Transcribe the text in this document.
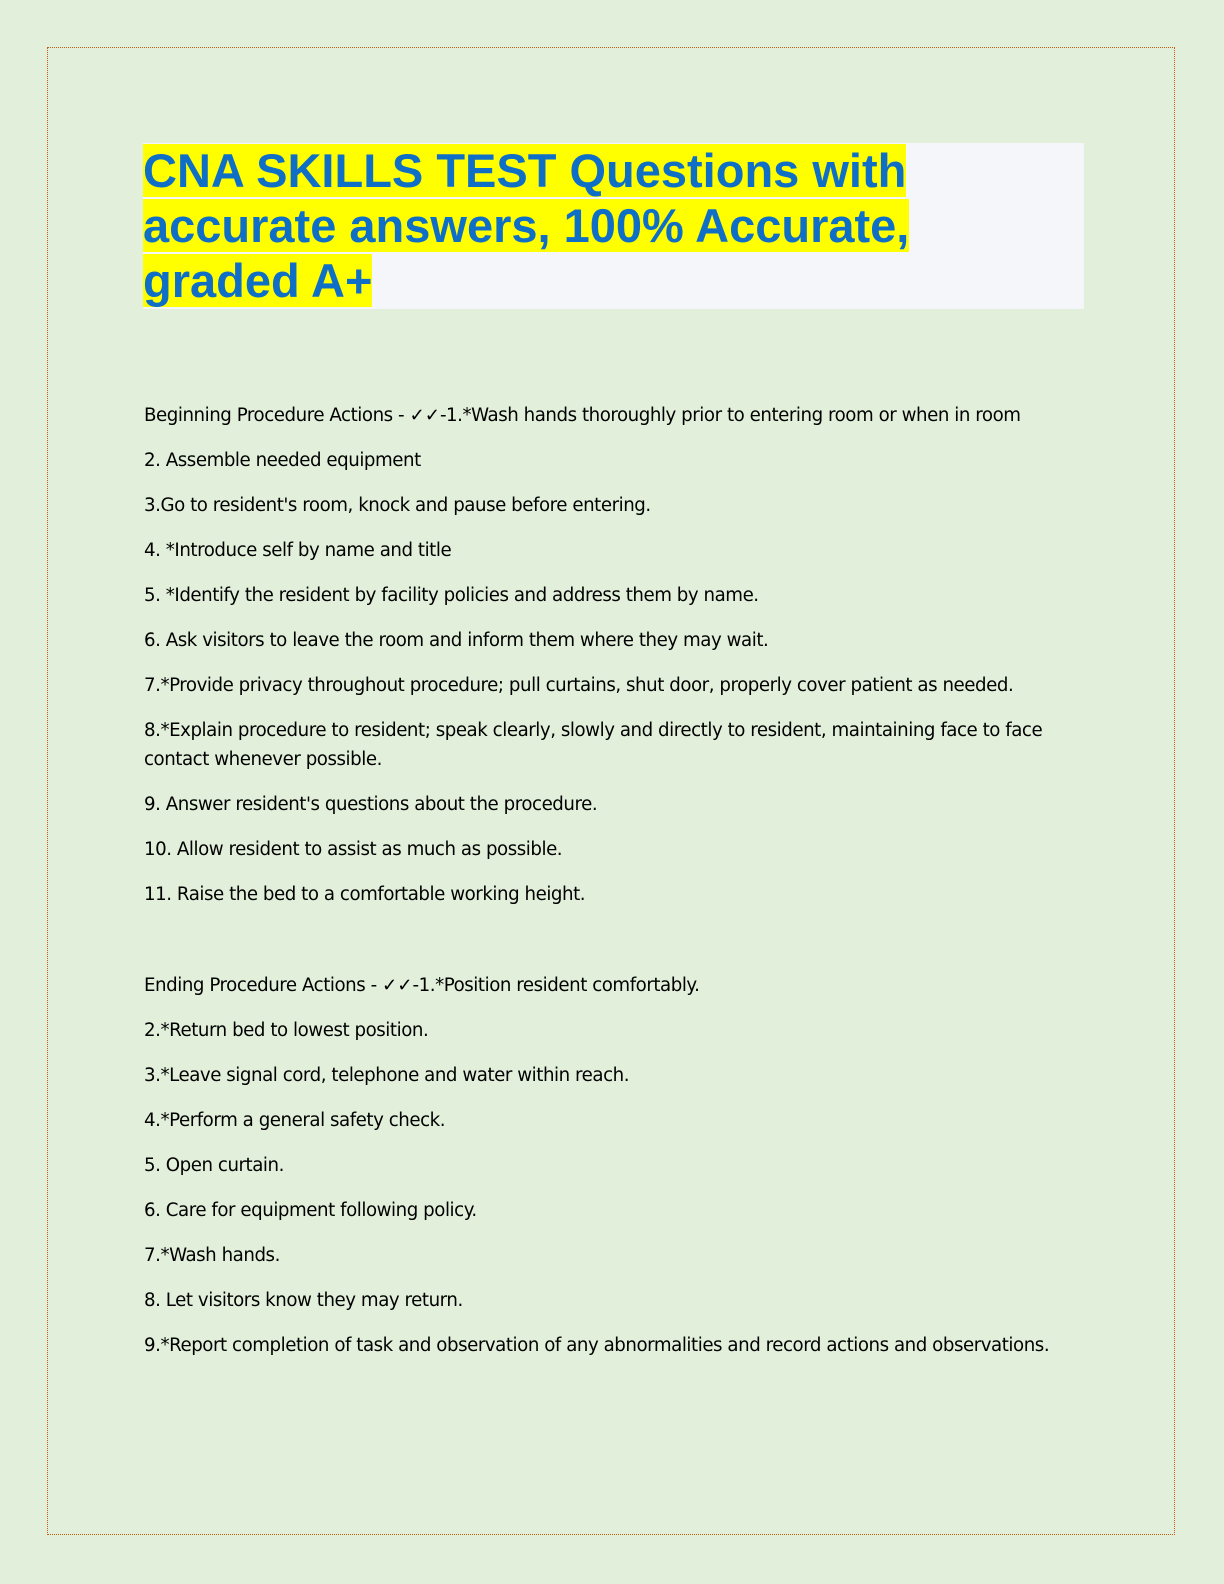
CNA SKILLS TEST Questions with
accurate answers, 100% Accurate,
graded A+

Beginning Procedure Actions - ✓✓-1.*Wash hands thoroughly prior to entering room or when in room

2. Assemble needed equipment

3.Go to resident's room, knock and pause before entering.

4. *Introduce self by name and title

5. *Identify the resident by facility policies and address them by name.

6. Ask visitors to leave the room and inform them where they may wait.

7.*Provide privacy throughout procedure; pull curtains, shut door, properly cover patient as needed.

8.*Explain procedure to resident; speak clearly, slowly and directly to resident, maintaining face to face contact whenever possible.

9. Answer resident's questions about the procedure.

10. Allow resident to assist as much as possible.

11. Raise the bed to a comfortable working height.

Ending Procedure Actions - ✓✓-1.*Position resident comfortably.

2.*Return bed to lowest position.

3.*Leave signal cord, telephone and water within reach.

4.*Perform a general safety check.

5. Open curtain.

6. Care for equipment following policy.

7.*Wash hands.

8. Let visitors know they may return.

9.*Report completion of task and observation of any abnormalities and record actions and observations.
